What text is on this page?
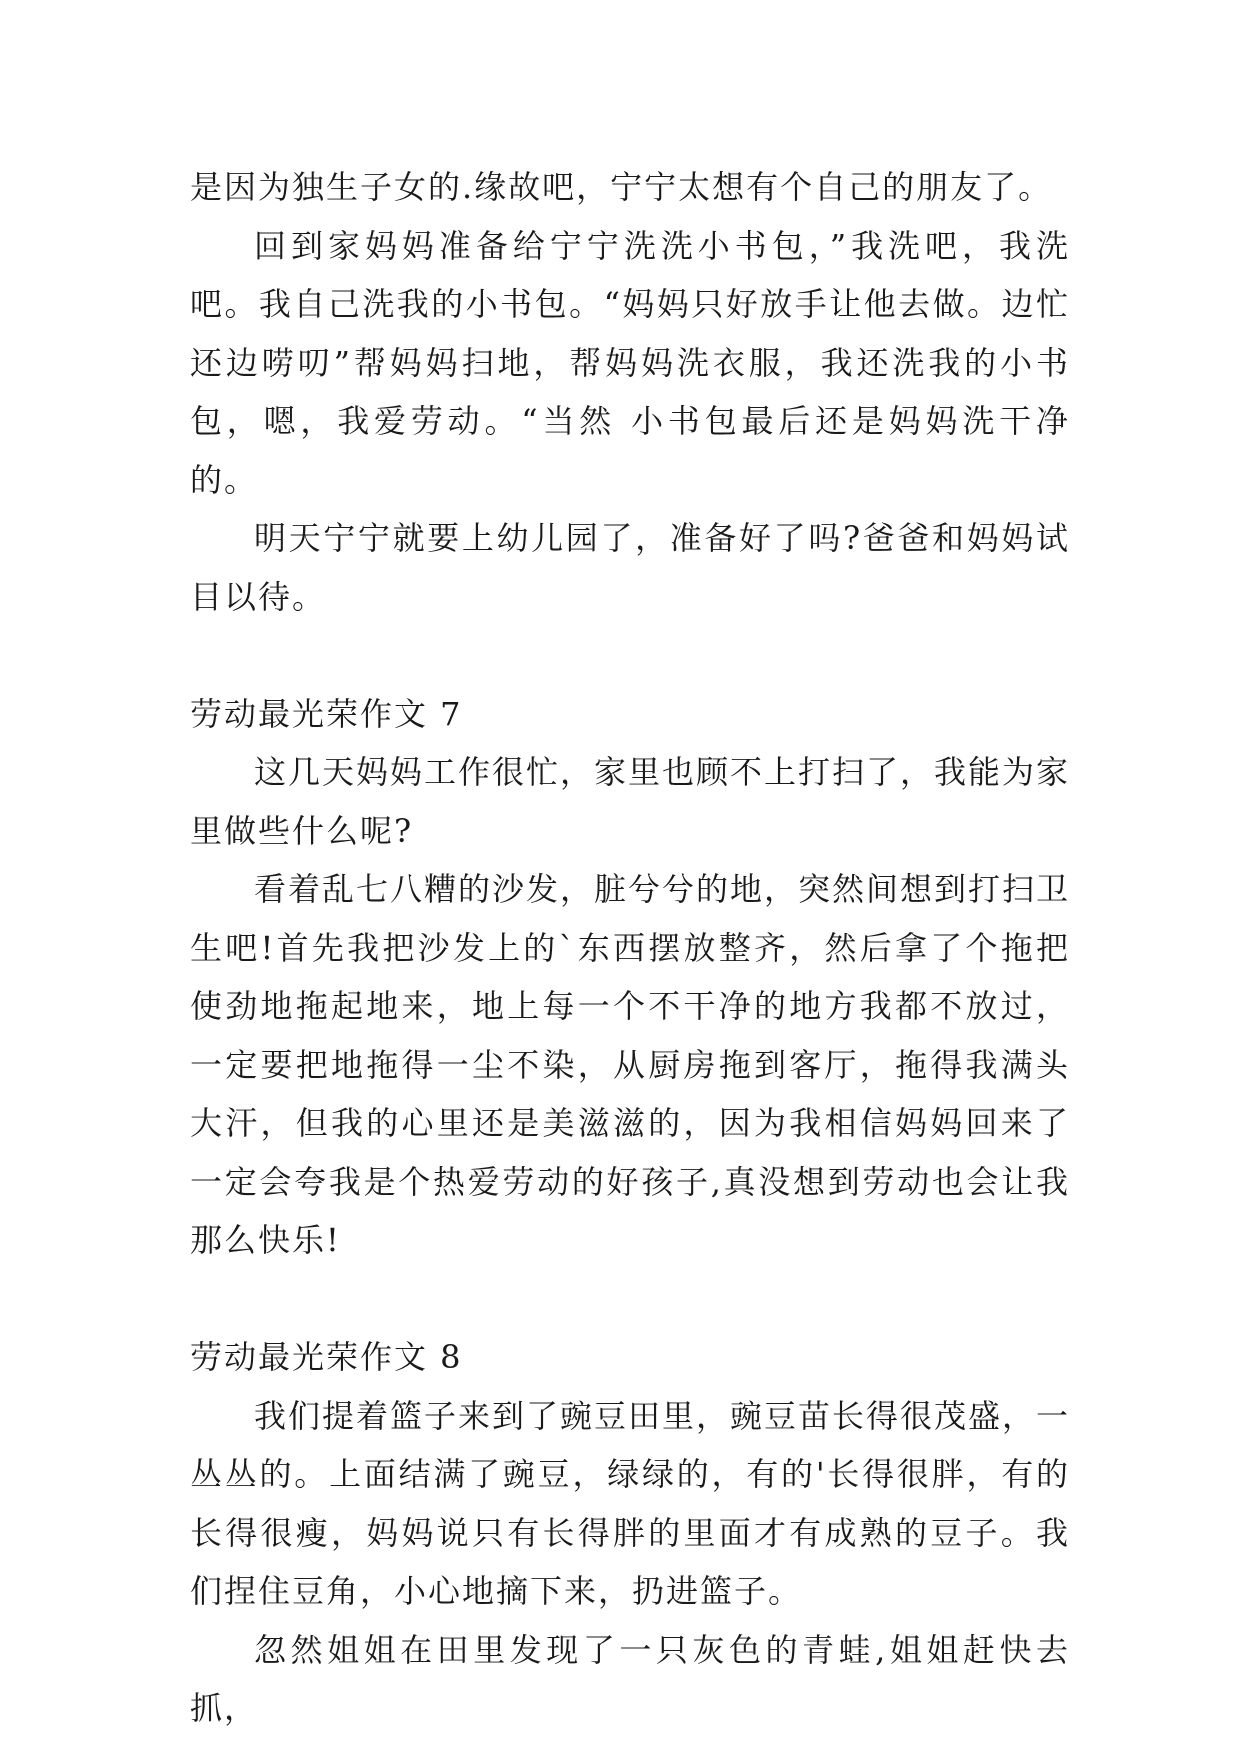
是因为独生子女的.缘故吧，宁宁太想有个自己的朋友了。

回到家妈妈准备给宁宁洗洗小书包，”我洗吧，我洗吧。我自己洗我的小书包。“妈妈只好放手让他去做。边忙还边唠叨”帮妈妈扫地，帮妈妈洗衣服，我还洗我的小书包，嗯，我爱劳动。“当然 小书包最后还是妈妈洗干净的。

明天宁宁就要上幼儿园了，准备好了吗?爸爸和妈妈试目以待。

劳动最光荣作文 7

这几天妈妈工作很忙，家里也顾不上打扫了，我能为家里做些什么呢?

看着乱七八糟的沙发，脏兮兮的地，突然间想到打扫卫生吧!首先我把沙发上的`东西摆放整齐，然后拿了个拖把使劲地拖起地来，地上每一个不干净的地方我都不放过，一定要把地拖得一尘不染，从厨房拖到客厅，拖得我满头大汗，但我的心里还是美滋滋的，因为我相信妈妈回来了一定会夸我是个热爱劳动的好孩子,真没想到劳动也会让我那么快乐!

劳动最光荣作文 8

我们提着篮子来到了豌豆田里，豌豆苗长得很茂盛，一丛丛的。上面结满了豌豆，绿绿的，有的'长得很胖，有的长得很瘦，妈妈说只有长得胖的里面才有成熟的豆子。我们捏住豆角，小心地摘下来，扔进篮子。

忽然姐姐在田里发现了一只灰色的青蛙,姐姐赶快去抓，
